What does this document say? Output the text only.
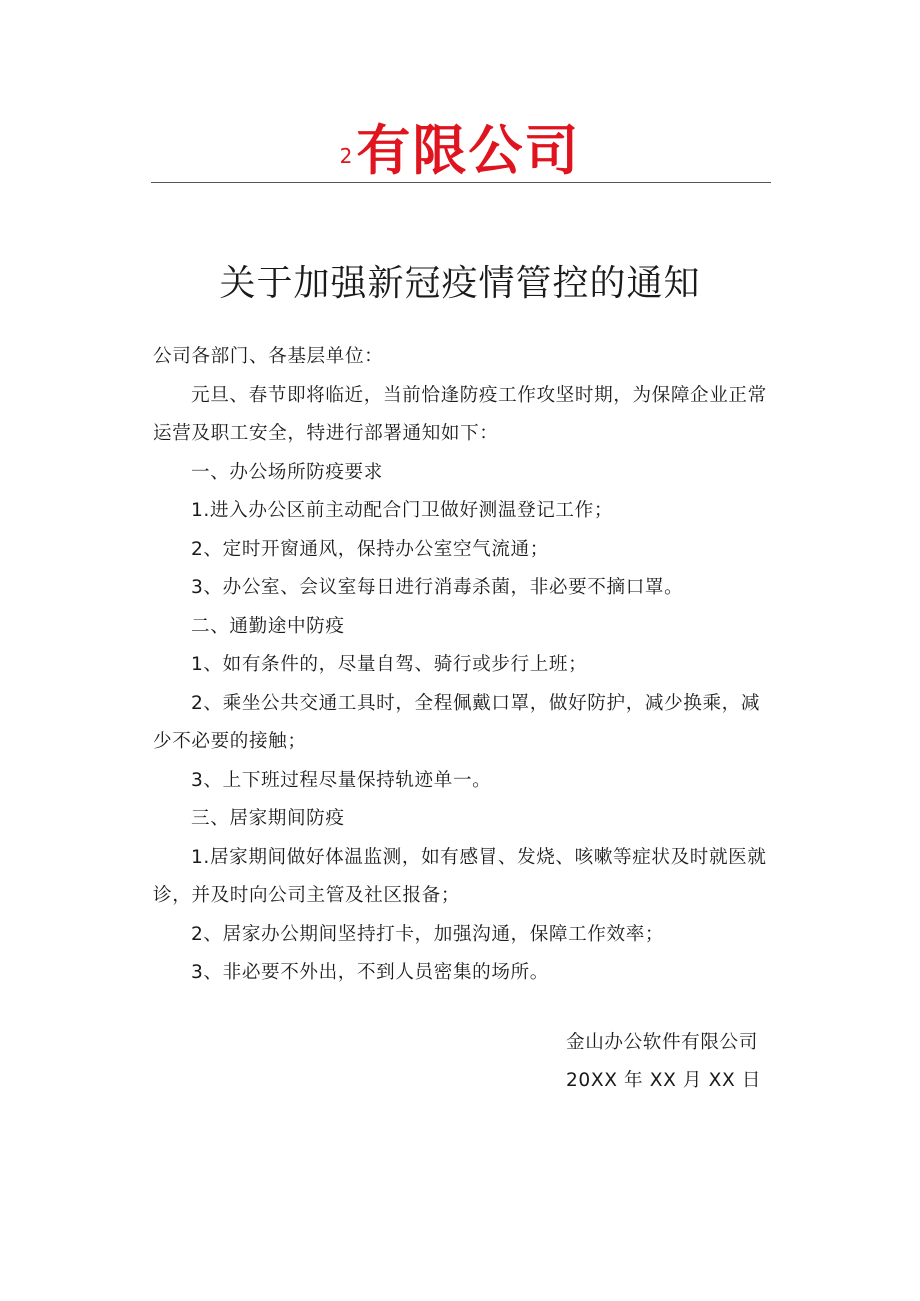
2有限公司
关于加强新冠疫情管控的通知

公司各部门、各基层单位：

元旦、春节即将临近，当前恰逢防疫工作攻坚时期，为保障企业正常运营及职工安全，特进行部署通知如下：

一、办公场所防疫要求

1.进入办公区前主动配合门卫做好测温登记工作；

2、定时开窗通风，保持办公室空气流通；

3、办公室、会议室每日进行消毒杀菌，非必要不摘口罩。

二、通勤途中防疫

1、如有条件的，尽量自驾、骑行或步行上班；

2、乘坐公共交通工具时，全程佩戴口罩，做好防护，减少换乘，减少不必要的接触；

3、上下班过程尽量保持轨迹单一。

三、居家期间防疫

1.居家期间做好体温监测，如有感冒、发烧、咳嗽等症状及时就医就诊，并及时向公司主管及社区报备；

2、居家办公期间坚持打卡，加强沟通，保障工作效率；

3、非必要不外出，不到人员密集的场所。

金山办公软件有限公司

20XX 年 XX 月 XX 日
